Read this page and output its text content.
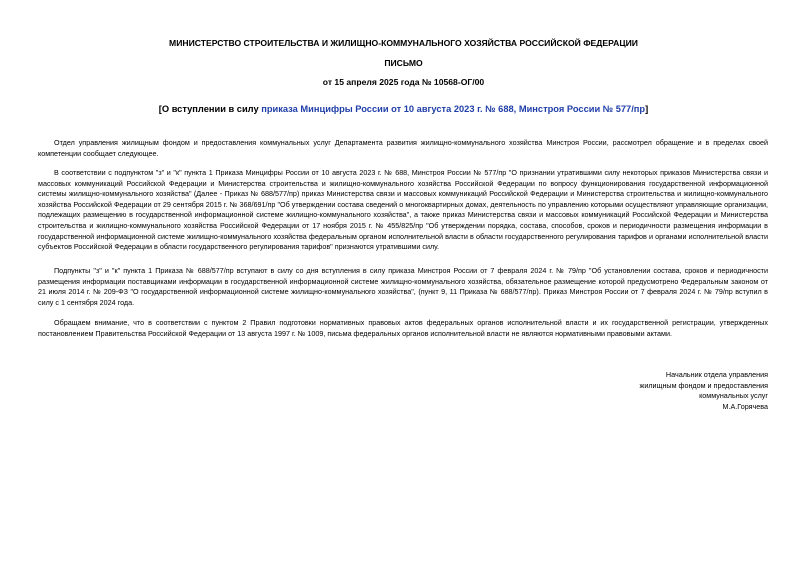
МИНИСТЕРСТВО СТРОИТЕЛЬСТВА И ЖИЛИЩНО-КОММУНАЛЬНОГО ХОЗЯЙСТВА РОССИЙСКОЙ ФЕДЕРАЦИИ
ПИСЬМО
от 15 апреля 2025 года № 10568-ОГ/00
[О вступлении в силу приказа Минцифры России от 10 августа 2023 г. № 688, Минстроя России № 577/пр]

Отдел управления жилищным фондом и предоставления коммунальных услуг Департамента развития жилищно-коммунального хозяйства Минстроя России, рассмотрел обращение и в пределах своей компетенции сообщает следующее.

В соответствии с подпунктом "з" и "к" пункта 1 Приказа Минцифры России от 10 августа 2023 г. № 688, Минстроя России № 577/пр "О признании утратившими силу некоторых приказов Министерства связи и массовых коммуникаций Российской Федерации и Министерства строительства и жилищно-коммунального хозяйства Российской Федерации по вопросу функционирования государственной информационной системы жилищно-коммунального хозяйства" (Далее - Приказ № 688/577/пр) приказ Министерства связи и массовых коммуникаций Российской Федерации и Министерства строительства и жилищно-коммунального хозяйства Российской Федерации от 29 сентября 2015 г. № 368/691/пр "Об утверждении состава сведений о многоквартирных домах, деятельность по управлению которыми осуществляют управляющие организации, подлежащих размещению в государственной информационной системе жилищно-коммунального хозяйства", а также приказ Министерства связи и массовых коммуникаций Российской Федерации и Министерства строительства и жилищно-коммунального хозяйства Российской Федерации от 17 ноября 2015 г. № 455/825/пр "Об утверждении порядка, состава, способов, сроков и периодичности размещения информации в государственной информационной системе жилищно-коммунального хозяйства федеральным органом исполнительной власти в области государственного регулирования тарифов и органами исполнительной власти субъектов Российской Федерации в области государственного регулирования тарифов" признаются утратившими силу.

Подпункты "з" и "к" пункта 1 Приказа № 688/577/пр вступают в силу со дня вступления в силу приказа Минстроя России от 7 февраля 2024 г. № 79/пр "Об установлении состава, сроков и периодичности размещения информации поставщиками информации в государственной информационной системе жилищно-коммунального хозяйства, обязательное размещение которой предусмотрено Федеральным законом от 21 июля 2014 г. № 209-ФЗ "О государственной информационной системе жилищно-коммунального хозяйства", (пункт 9, 11 Приказа № 688/577/пр). Приказ Минстроя России от 7 февраля 2024 г. № 79/пр вступил в силу с 1 сентября 2024 года.

Обращаем внимание, что в соответствии с пунктом 2 Правил подготовки нормативных правовых актов федеральных органов исполнительной власти и их государственной регистрации, утвержденных постановлением Правительства Российской Федерации от 13 августа 1997 г. № 1009, письма федеральных органов исполнительной власти не являются нормативными правовыми актами.

Начальник отдела управления
жилищным фондом и предоставления
коммунальных услуг
М.А.Горячева
